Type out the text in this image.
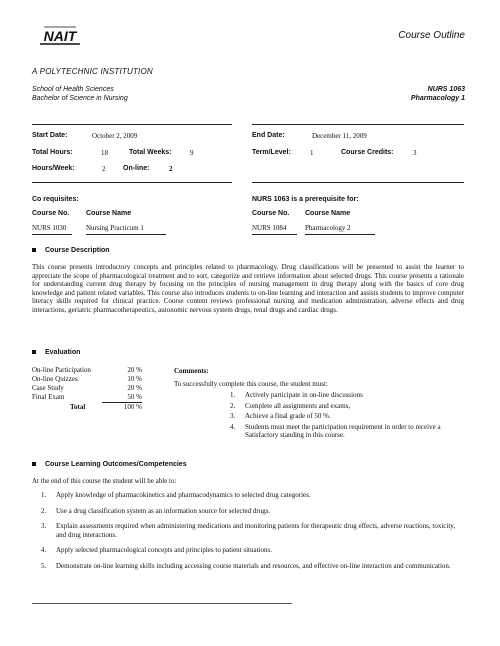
NAIT	Course Outline
A POLYTECHNIC INSTITUTION
School of Health Sciences
Bachelor of Science in Nursing
NURS 1063
Pharmacology 1
Start Date:	October 2, 2009	End Date:	December 11, 2009
Total Hours:	18	Total Weeks:	9	Term/Level:	1	Course Credits:	3
Hours/Week:	2	On-line:	2
Co requisites:	NURS 1063 is a prerequisite for:
Course No. Course Name	Course No. Course Name
NURS 1030	Nursing Practicum 1	NURS 1084	Pharmacology 2
Course Description
This course presents introductory concepts and principles related to pharmacology. Drug classifications will be presented to assist the learner to appreciate the scope of pharmacological treatment and to sort, categorize and retrieve information about selected drugs. This course presents a rationale for understanding current drug therapy by focusing on the principles of nursing management in drug therapy along with the basics of core drug knowledge and patient related variables. This course also introduces students to on-line learning and interaction and assists students to improve computer literacy skills required for clinical practice. Course content reviews professional nursing and medication administration, adverse effects and drug interactions, geriatric pharmacotherapeutics, autonomic nervous system drugs, renal drugs and cardiac drugs.
Evaluation
On-line Participation	20 %
On-line Quizzes	10 %
Case Study	20 %
Final Exam	50 %
Total	100 %
Comments:
To successfully complete this course, the student must:
1. Actively participate in on-line discussions
2. Complete all assignments and exams,
3. Achieve a final grade of 50 %.
4. Students must meet the participation requirement in order to receive a Satisfactory standing in this course.
Course Learning Outcomes/Competencies
At the end of this course the student will be able to:
1. Apply knowledge of pharmacokinetics and pharmacodynamics to selected drug categories.
2. Use a drug classification system as an information source for selected drugs.
3. Explain assessments required when administering medications and monitoring patients for therapeutic drug effects, adverse reactions, toxicity, and drug interactions.
4. Apply selected pharmacological concepts and principles to patient situations.
5. Demonstrate on-line learning skills including accessing course materials and resources, and effective on-line interaction and communication.
